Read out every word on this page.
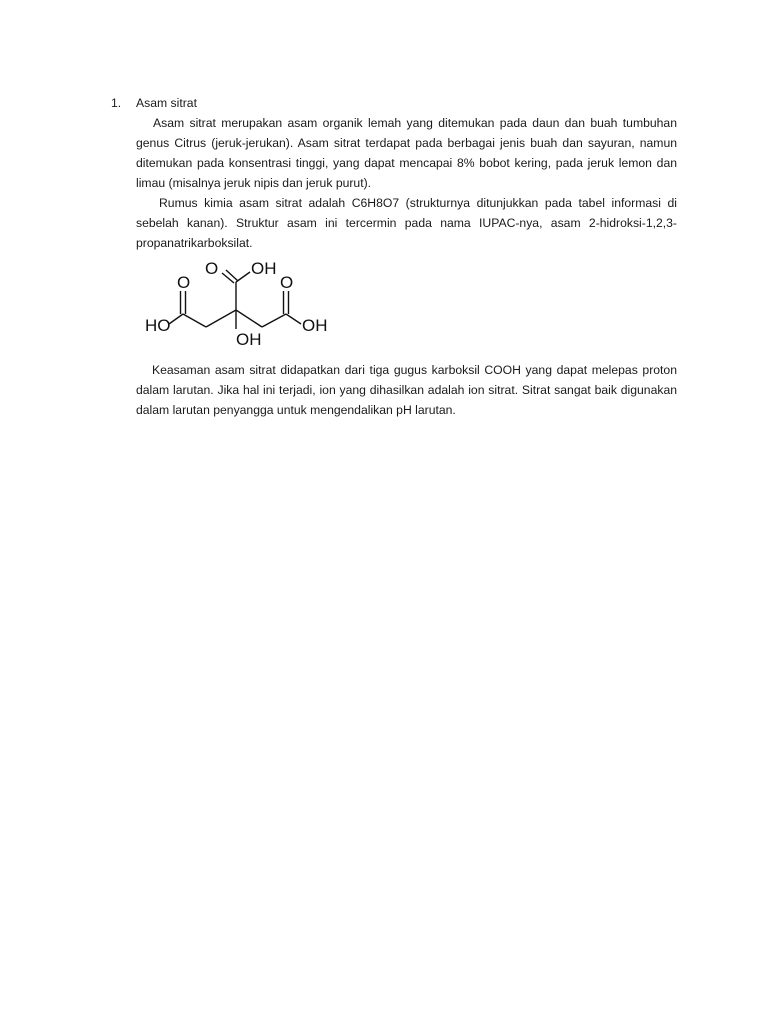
1.	Asam sitrat

Asam sitrat merupakan asam organik lemah yang ditemukan pada daun dan buah tumbuhan genus Citrus (jeruk-jerukan). Asam sitrat terdapat pada berbagai jenis buah dan sayuran, namun ditemukan pada konsentrasi tinggi, yang dapat mencapai 8% bobot kering, pada jeruk lemon dan limau (misalnya jeruk nipis dan jeruk purut).

Rumus kimia asam sitrat adalah C6H8O7 (strukturnya ditunjukkan pada tabel informasi di sebelah kanan). Struktur asam ini tercermin pada nama IUPAC-nya, asam 2-hidroksi-1,2,3-propanatrikarboksilat.

O OH
O	O
HO	OH
OH

Keasaman asam sitrat didapatkan dari tiga gugus karboksil COOH yang dapat melepas proton dalam larutan. Jika hal ini terjadi, ion yang dihasilkan adalah ion sitrat. Sitrat sangat baik digunakan dalam larutan penyangga untuk mengendalikan pH larutan.
